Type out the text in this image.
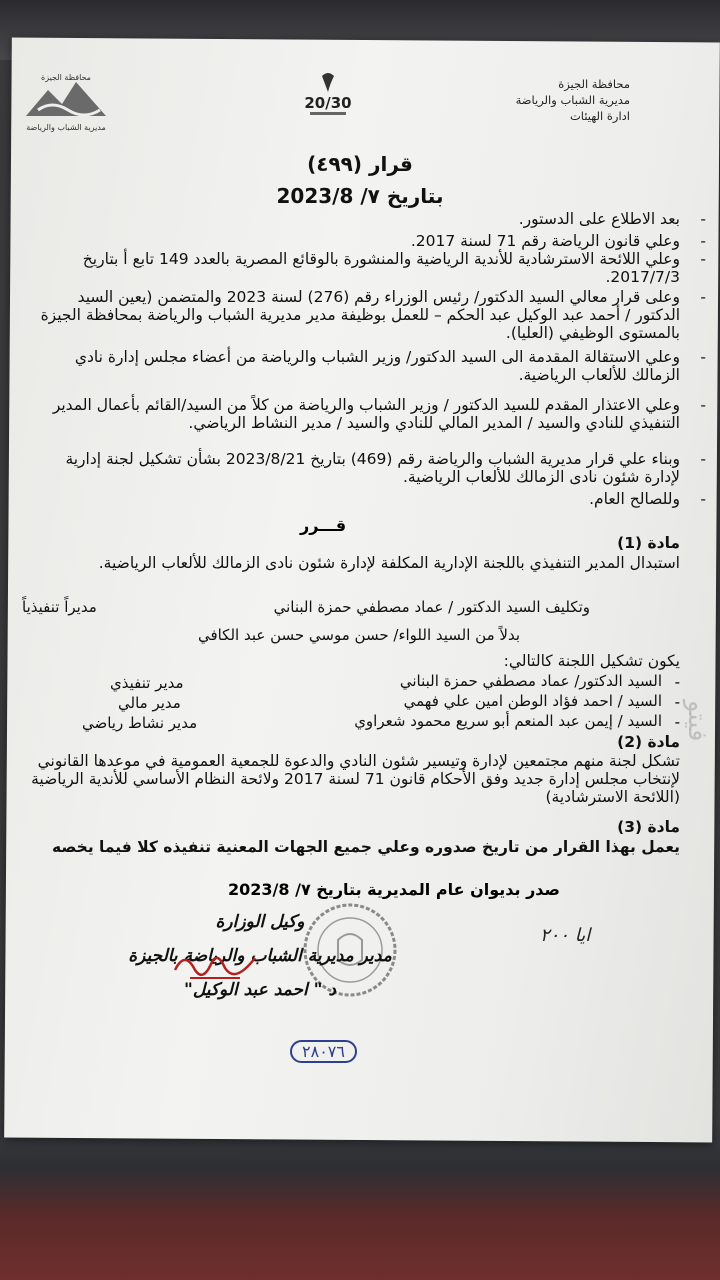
محافظة الجيزة
مديرية الشباب والرياضة
ادارة الهيئات
20/30
محافظة الجيزة
مديرية الشباب والرياضة
قرار (٤٩٩)
بتاريخ ٧/ 2023/8
-
بعد الاطلاع على الدستور.
-
وعلي قانون الرياضة رقم 71 لسنة 2017.
-
وعلي اللائحة الاسترشادية للأندية الرياضية والمنشورة بالوقائع المصرية بالعدد 149 تابع أ بتاريخ 2017/7/3.
-
وعلى قرار معالي السيد الدكتور/ رئيس الوزراء رقم (276) لسنة 2023 والمتضمن (يعين السيد الدكتور / أحمد عبد الوكيل عبد الحكم – للعمل بوظيفة مدير مديرية الشباب والرياضة بمحافظة الجيزة بالمستوى الوظيفي (العليا).
-
وعلي الاستقالة المقدمة الى السيد الدكتور/ وزير الشباب والرياضة من أعضاء مجلس إدارة نادي الزمالك للألعاب الرياضية.
-
وعلي الاعتذار المقدم للسيد الدكتور / وزير الشباب والرياضة من كلاً من السيد/القائم بأعمال المدير التنفيذي للنادي والسيد / المدير المالي للنادي والسيد / مدير النشاط الرياضي.
-
وبناء علي قرار مديرية الشباب والرياضة رقم (469) بتاريخ 2023/8/21 بشأن تشكيل لجنة إدارية لإدارة شئون نادى الزمالك للألعاب الرياضية.
-
وللصالح العام.
قـــرر
مادة (1)
استبدال المدير التنفيذي باللجنة الإدارية المكلفة لإدارة شئون نادى الزمالك للألعاب الرياضية.
وتكليف السيد الدكتور / عماد مصطفي حمزة البناني
مديراً تنفيذياً
بدلاً من السيد اللواء/ حسن موسي حسن عبد الكافي
يكون تشكيل اللجنة كالتالي:
السيد الدكتور/ عماد مصطفي حمزة البناني
مدير تنفيذي
السيد / احمد فؤاد الوطن امين علي فهمي
مدير مالي
السيد / إيمن عبد المنعم أبو سريع محمود شعراوي
مدير نشاط رياضي
-
-
-
مادة (2)
تشكل لجنة منهم مجتمعين لإدارة وتيسير شئون النادي والدعوة للجمعية العمومية في موعدها القانوني لإنتخاب مجلس إدارة جديد وفق الأحكام قانون 71 لسنة 2017 ولائحة النظام الأساسي للأندية الرياضية (اللائحة الاسترشادية)
مادة (3)
يعمل بهذا القرار من تاريخ صدوره وعلي جميع الجهات المعنية تنفيذه كلا فيما يخصه
صدر بديوان عام المديرية بتاريخ ٧/ 2023/8
وكيل الوزارة
مدير مديرية الشباب والرياضة بالجيزة
د " احمد عبد الوكيل"
ايا ٢٠٠
٢٨٠٧٦
فيتو
